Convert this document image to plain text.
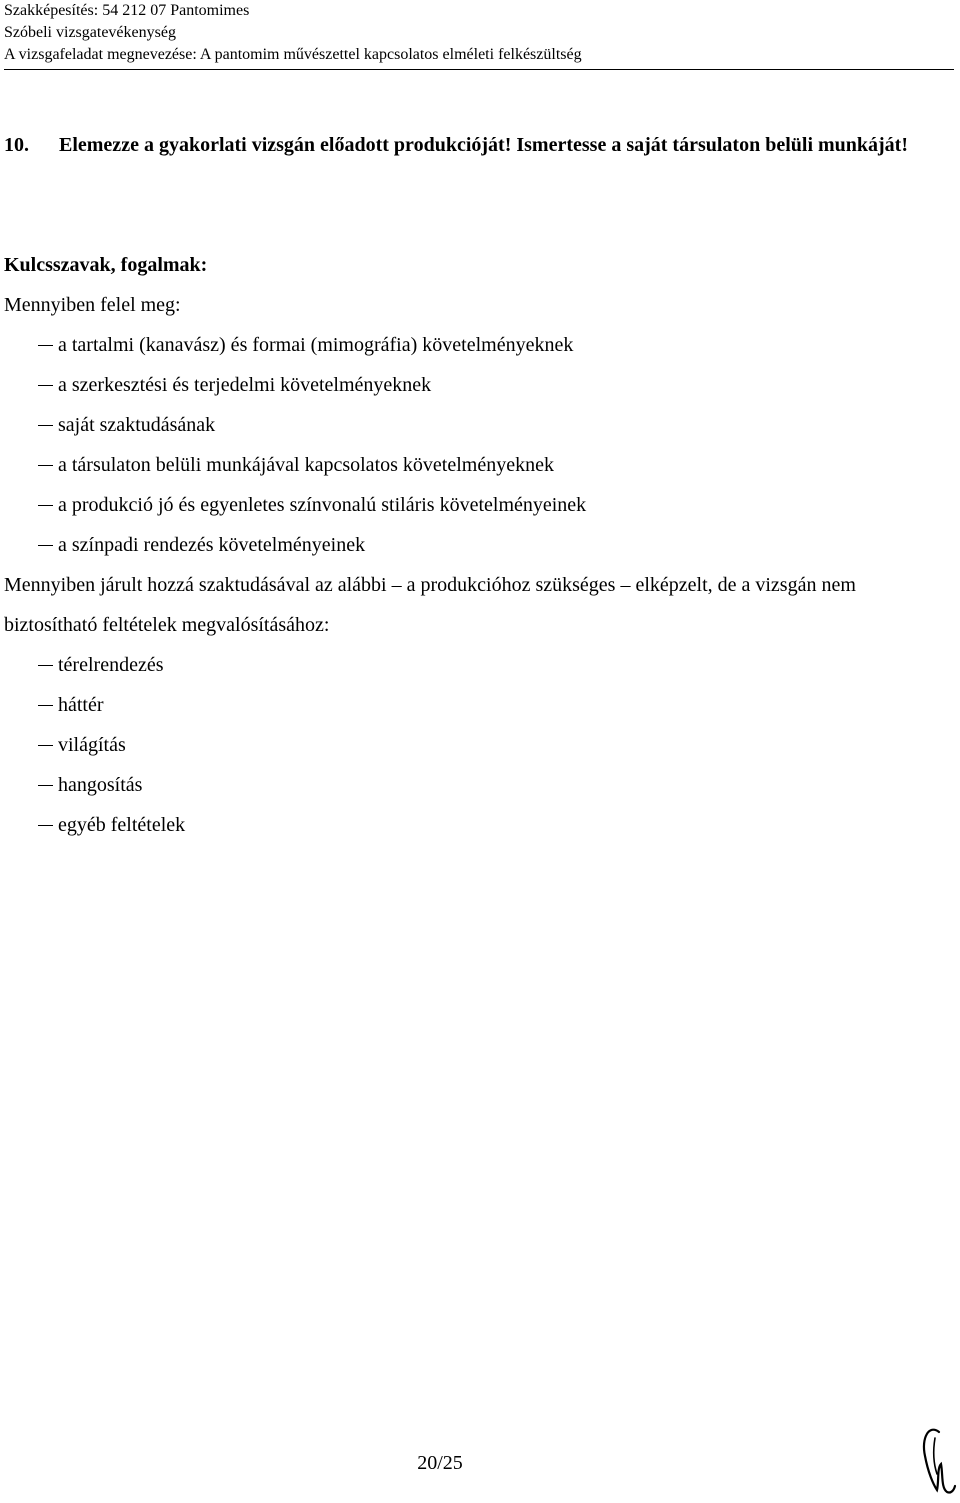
Szakképesítés: 54 212 07 Pantomimes
Szóbeli vizsgatevékenység
A vizsgafeladat megnevezése: A pantomim művészettel kapcsolatos elméleti felkészültség
10. Elemezze a gyakorlati vizsgán előadott produkcióját! Ismertesse a saját társulaton belüli munkáját!
Kulcsszavak, fogalmak:

Mennyiben felel meg:

a tartalmi (kanavász) és formai (mimográfia) követelményeknek
a szerkesztési és terjedelmi követelményeknek
saját szaktudásának
a társulaton belüli munkájával kapcsolatos követelményeknek
a produkció jó és egyenletes színvonalú stiláris követelményeinek
a színpadi rendezés követelményeinek

Mennyiben járult hozzá szaktudásával az alábbi – a produkcióhoz szükséges – elképzelt, de a vizsgán nem biztosítható feltételek megvalósításához:

térelrendezés
háttér
világítás
hangosítás
egyéb feltételek
20/25
